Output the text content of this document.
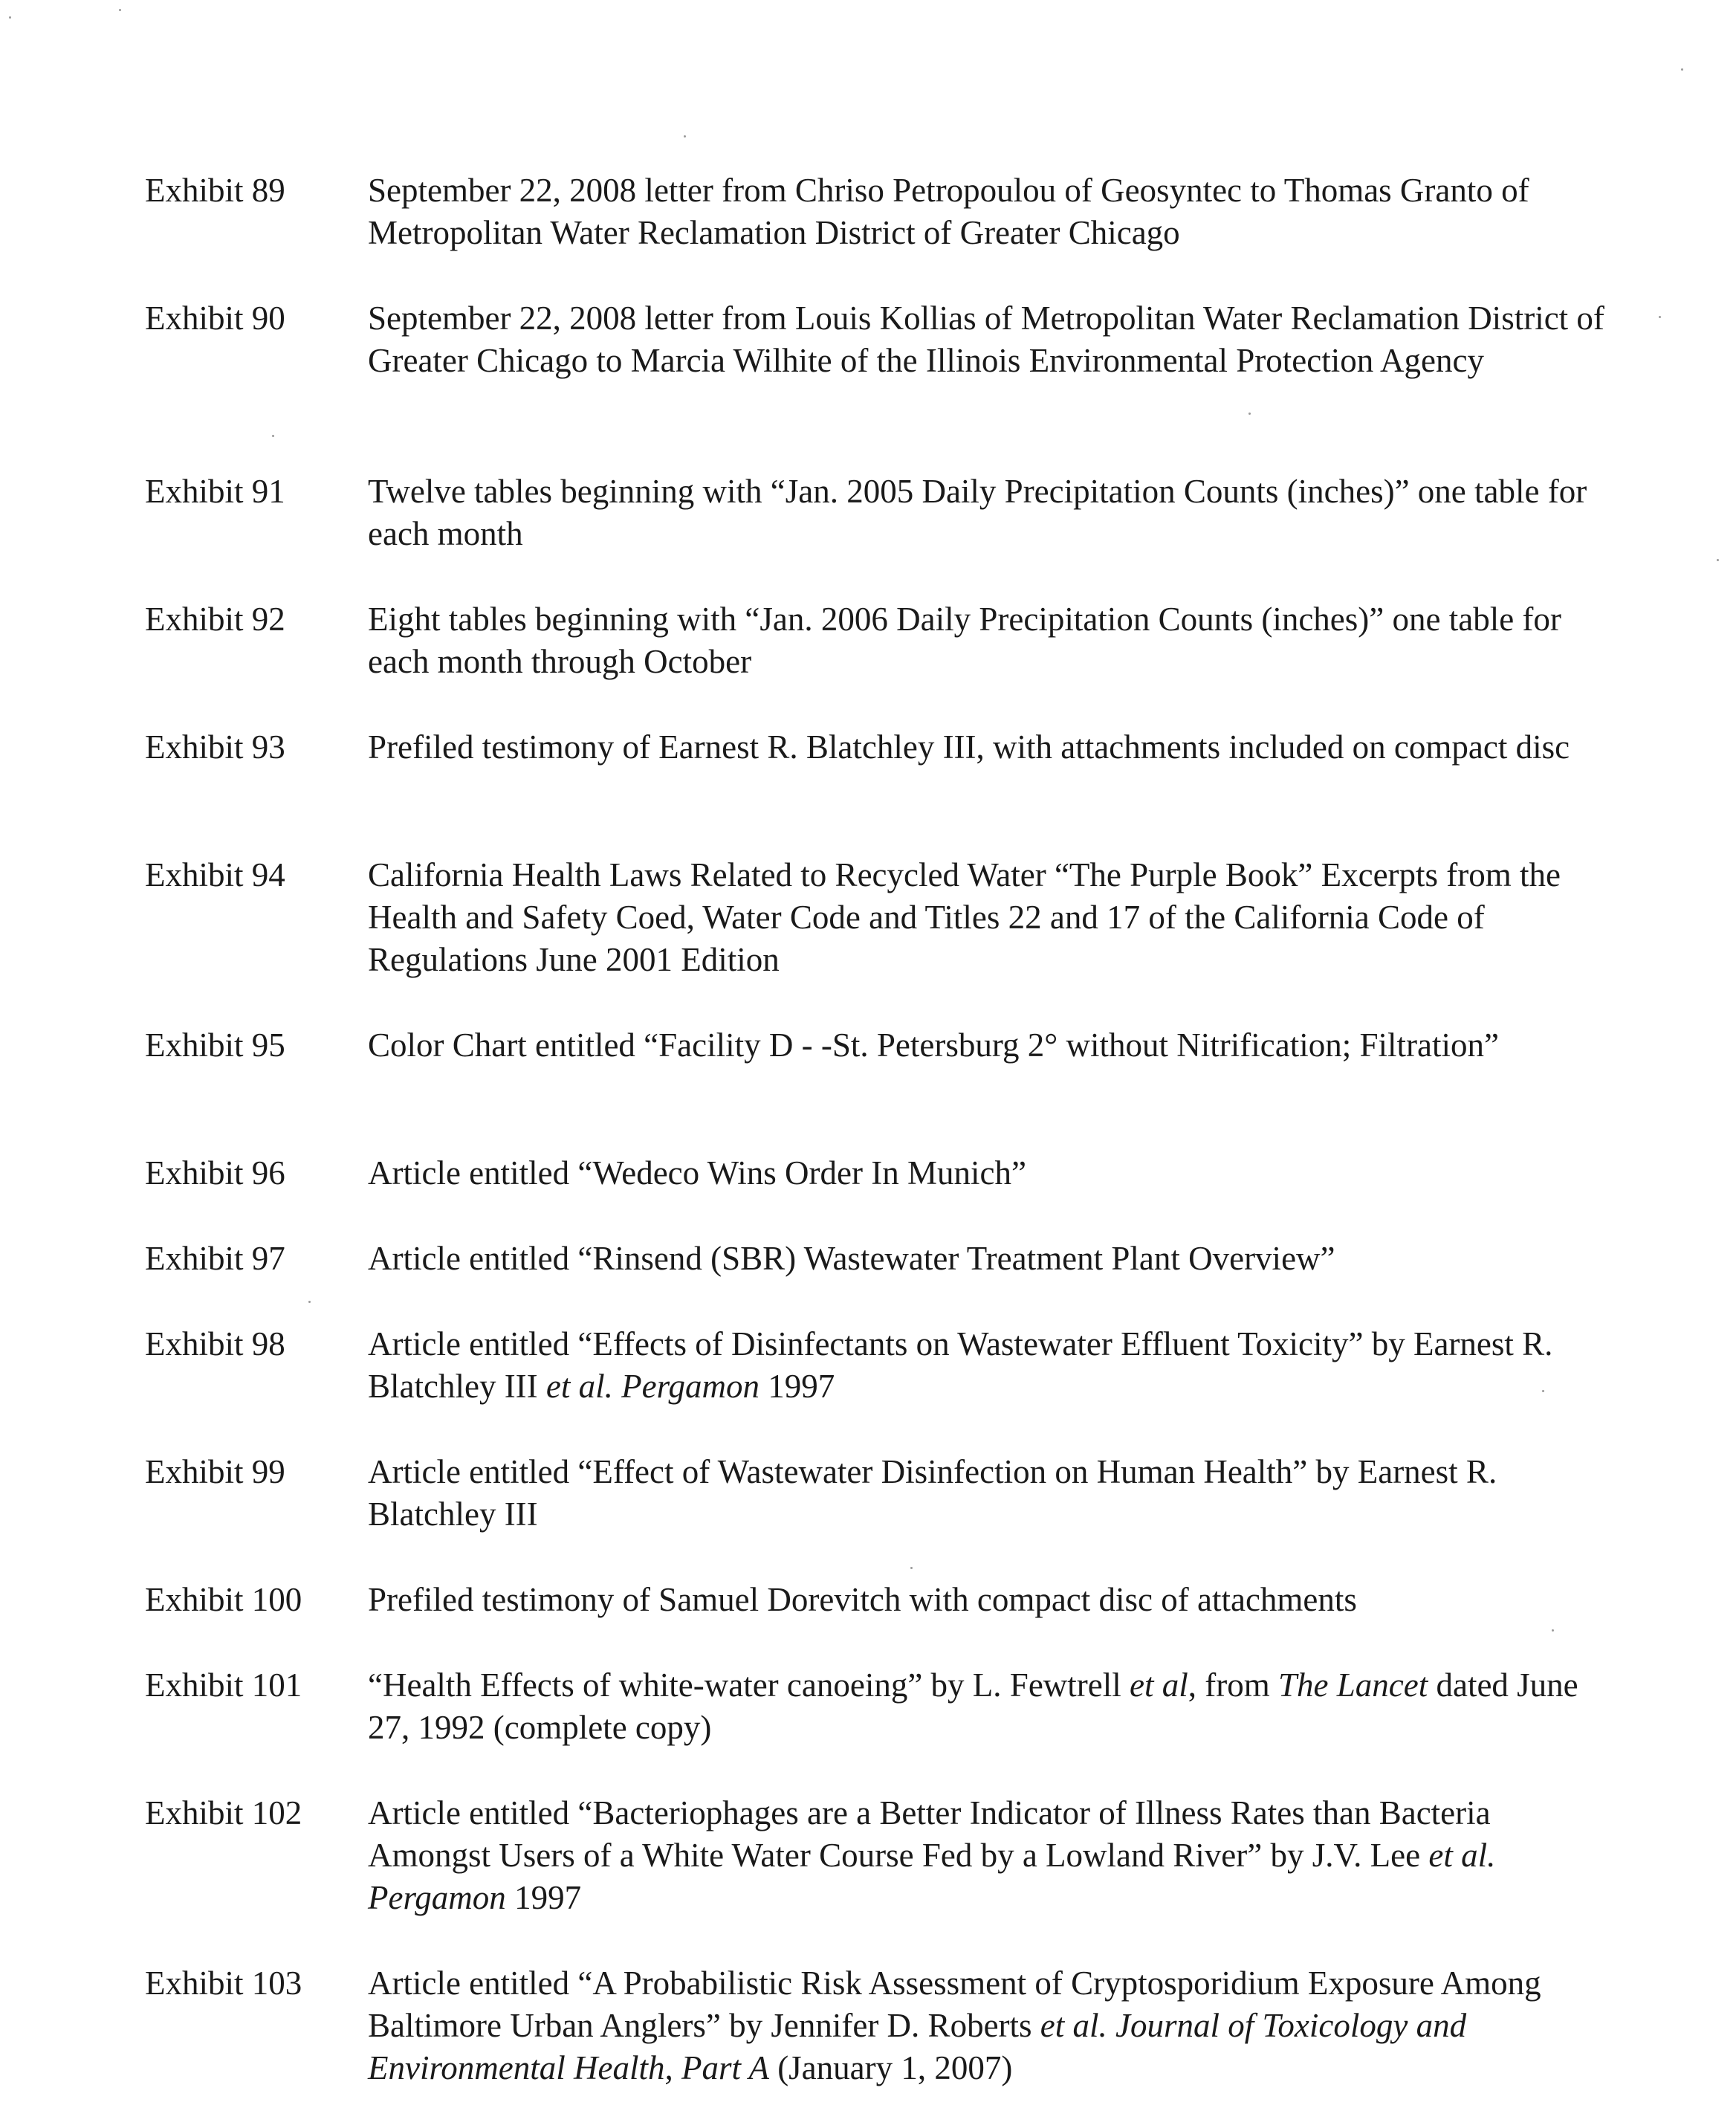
Exhibit 89	September 22, 2008 letter from Chriso Petropoulou of Geosyntec to Thomas Granto of Metropolitan Water Reclamation District of Greater Chicago
Exhibit 90	September 22, 2008 letter from Louis Kollias of Metropolitan Water Reclamation District of Greater Chicago to Marcia Wilhite of the Illinois Environmental Protection Agency
Exhibit 91	Twelve tables beginning with “Jan. 2005 Daily Precipitation Counts (inches)” one table for each month
Exhibit 92	Eight tables beginning with “Jan. 2006 Daily Precipitation Counts (inches)” one table for each month through October
Exhibit 93	Prefiled testimony of Earnest R. Blatchley III, with attachments included on compact disc
Exhibit 94	California Health Laws Related to Recycled Water “The Purple Book” Excerpts from the Health and Safety Coed, Water Code and Titles 22 and 17 of the California Code of Regulations June 2001 Edition
Exhibit 95	Color Chart entitled “Facility D - -St. Petersburg 2° without Nitrification; Filtration”
Exhibit 96	Article entitled “Wedeco Wins Order In Munich”
Exhibit 97	Article entitled “Rinsend (SBR) Wastewater Treatment Plant Overview”
Exhibit 98	Article entitled “Effects of Disinfectants on Wastewater Effluent Toxicity” by Earnest R. Blatchley III et al. Pergamon 1997
Exhibit 99	Article entitled “Effect of Wastewater Disinfection on Human Health” by Earnest R. Blatchley III
Exhibit 100	Prefiled testimony of Samuel Dorevitch with compact disc of attachments
Exhibit 101	“Health Effects of white-water canoeing” by L. Fewtrell et al, from The Lancet dated June 27, 1992 (complete copy)
Exhibit 102	Article entitled “Bacteriophages are a Better Indicator of Illness Rates than Bacteria Amongst Users of a White Water Course Fed by a Lowland River” by J.V. Lee et al. Pergamon 1997
Exhibit 103	Article entitled “A Probabilistic Risk Assessment of Cryptosporidium Exposure Among Baltimore Urban Anglers” by Jennifer D. Roberts et al. Journal of Toxicology and Environmental Health, Part A (January 1, 2007)
